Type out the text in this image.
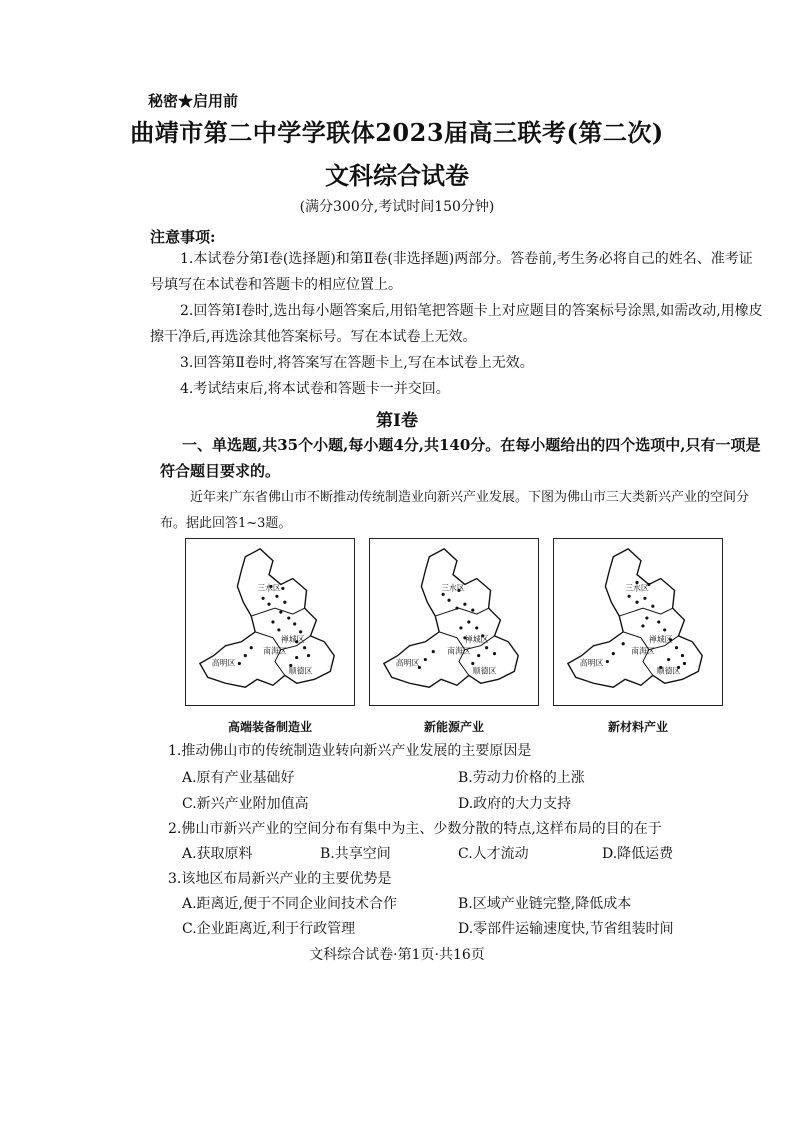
秘密★启用前
曲靖市第二中学学联体2023届高三联考(第二次)
文科综合试卷
(满分300分,考试时间150分钟)
注意事项:
1.本试卷分第Ⅰ卷(选择题)和第Ⅱ卷(非选择题)两部分。答卷前,考生务必将自己的姓名、准考证号填写在本试卷和答题卡的相应位置上。
2.回答第Ⅰ卷时,选出每小题答案后,用铅笔把答题卡上对应题目的答案标号涂黑,如需改动,用橡皮擦干净后,再选涂其他答案标号。写在本试卷上无效。
3.回答第Ⅱ卷时,将答案写在答题卡上,写在本试卷上无效。
4.考试结束后,将本试卷和答题卡一并交回。
第Ⅰ卷
一、单选题,共35个小题,每小题4分,共140分。在每小题给出的四个选项中,只有一项是符合题目要求的。
近年来广东省佛山市不断推动传统制造业向新兴产业发展。下图为佛山市三大类新兴产业的空间分布。据此回答1~3题。
三水区
禅城区
南海区
高明区
顺德区
三水区
禅城区
南海区
高明区
顺德区
三水区
禅城区
南海区
高明区
顺德区
高端装备制造业	新能源产业	新材料产业
1.推动佛山市的传统制造业转向新兴产业发展的主要原因是
A.原有产业基础好	B.劳动力价格的上涨
C.新兴产业附加值高	D.政府的大力支持
2.佛山市新兴产业的空间分布有集中为主、少数分散的特点,这样布局的目的在于
A.获取原料	B.共享空间	C.人才流动	D.降低运费
3.该地区布局新兴产业的主要优势是
A.距离近,便于不同企业间技术合作	B.区域产业链完整,降低成本
C.企业距离近,利于行政管理	D.零部件运输速度快,节省组装时间
文科综合试卷·第1页·共16页
